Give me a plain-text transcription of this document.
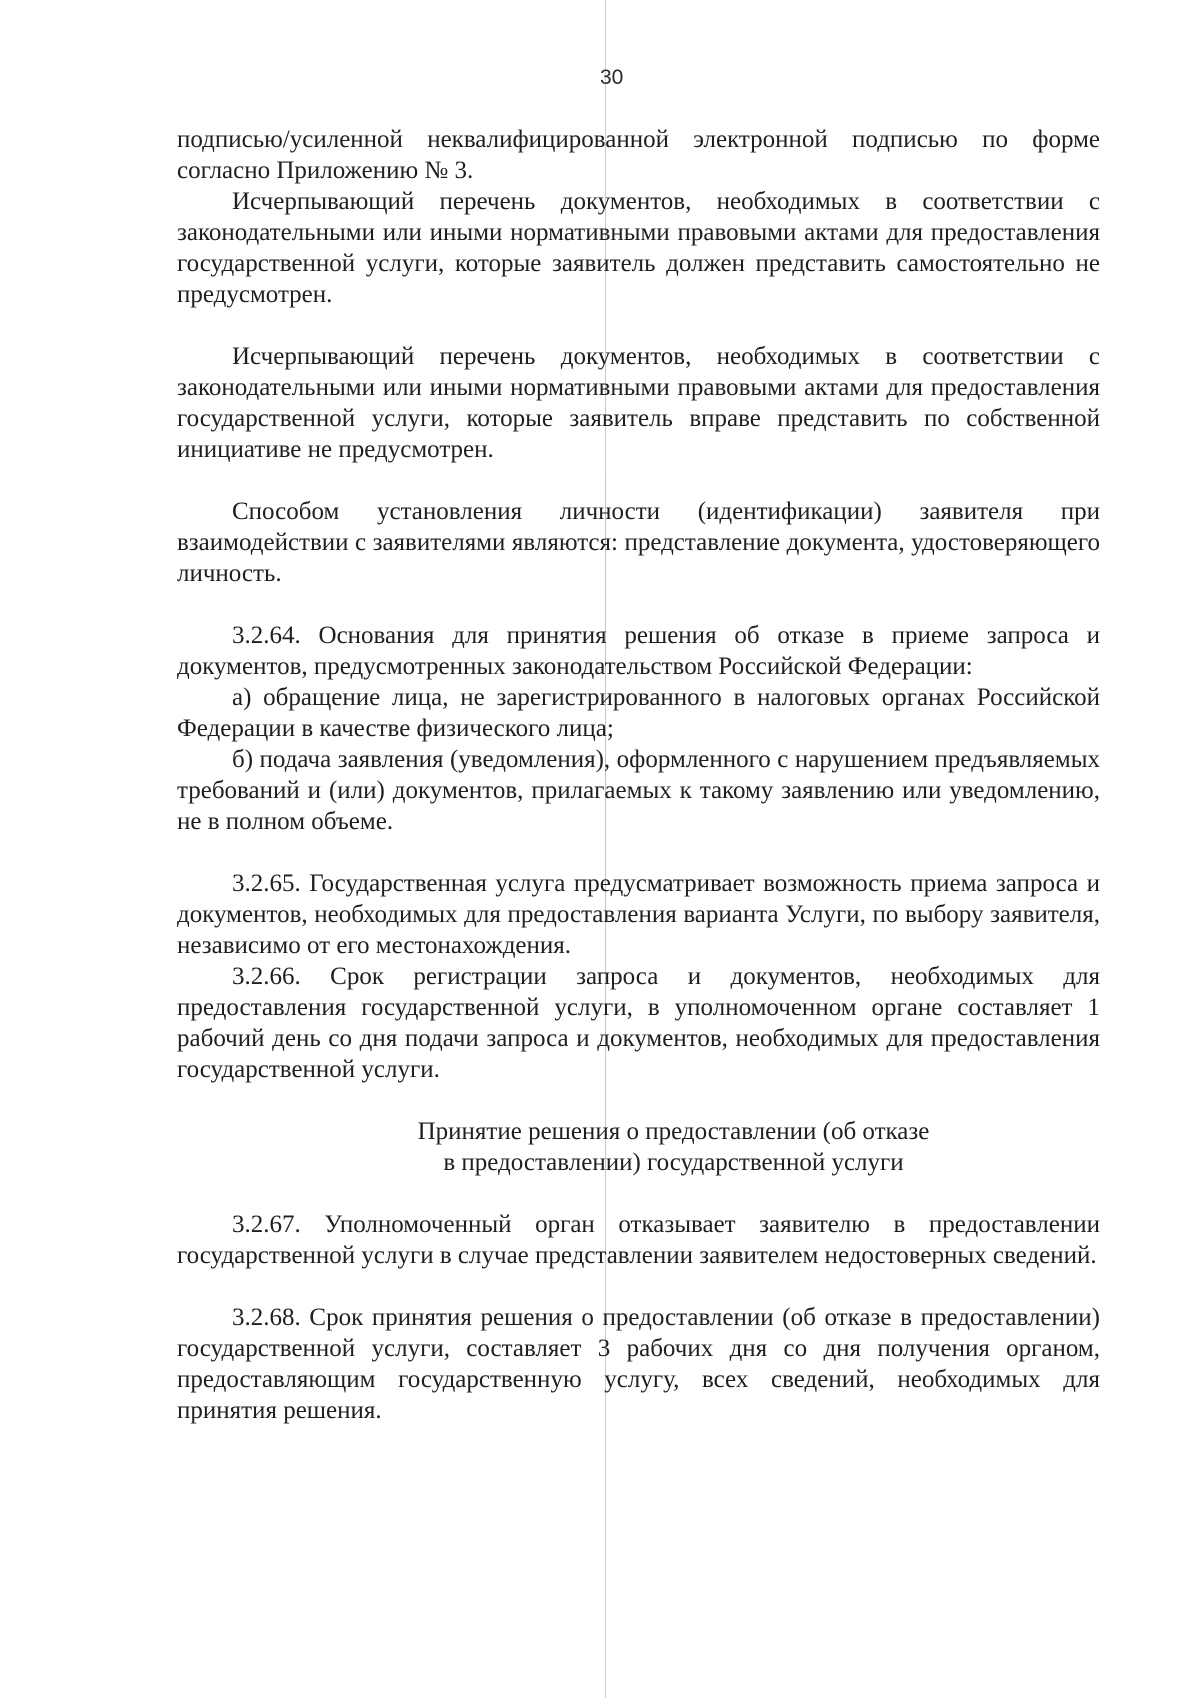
30

подписью/усиленной неквалифицированной электронной подписью по форме согласно Приложению № 3.

Исчерпывающий перечень документов, необходимых в соответствии с законодательными или иными нормативными правовыми актами для предоставления государственной услуги, которые заявитель должен представить самостоятельно не предусмотрен.

Исчерпывающий перечень документов, необходимых в соответствии с законодательными или иными нормативными правовыми актами для предоставления государственной услуги, которые заявитель вправе представить по собственной инициативе не предусмотрен.

Способом установления личности (идентификации) заявителя при взаимодействии с заявителями являются: представление документа, удостоверяющего личность.

3.2.64. Основания для принятия решения об отказе в приеме запроса и документов, предусмотренных законодательством Российской Федерации:

а) обращение лица, не зарегистрированного в налоговых органах Российской Федерации в качестве физического лица;

б) подача заявления (уведомления), оформленного с нарушением предъявляемых требований и (или) документов, прилагаемых к такому заявлению или уведомлению, не в полном объеме.

3.2.65. Государственная услуга предусматривает возможность приема запроса и документов, необходимых для предоставления варианта Услуги, по выбору заявителя, независимо от его местонахождения.

3.2.66. Срок регистрации запроса и документов, необходимых для предоставления государственной услуги, в уполномоченном органе составляет 1 рабочий день со дня подачи запроса и документов, необходимых для предоставления государственной услуги.

Принятие решения о предоставлении (об отказе
в предоставлении) государственной услуги

3.2.67. Уполномоченный орган отказывает заявителю в предоставлении государственной услуги в случае представлении заявителем недостоверных сведений.

3.2.68. Срок принятия решения о предоставлении (об отказе в предоставлении) государственной услуги, составляет 3 рабочих дня со дня получения органом, предоставляющим государственную услугу, всех сведений, необходимых для принятия решения.
